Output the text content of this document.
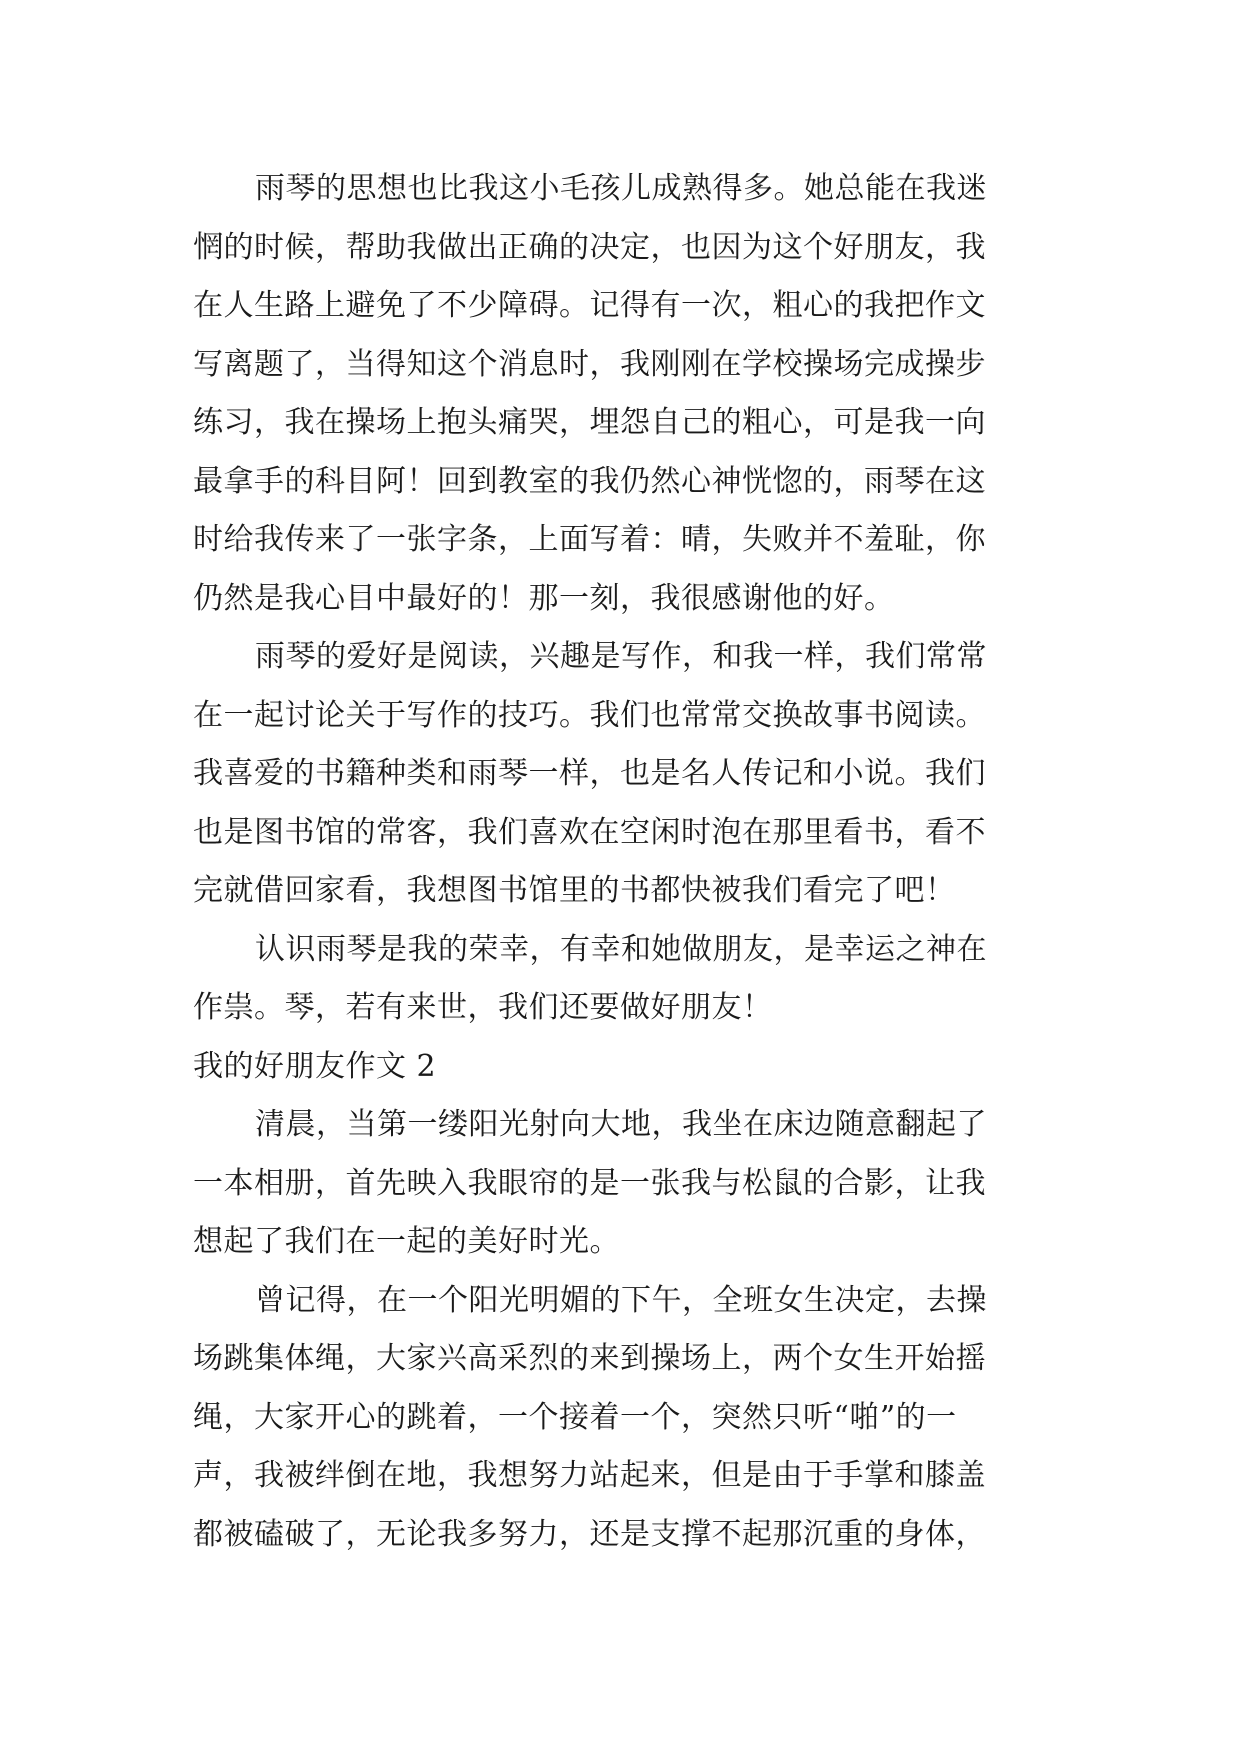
雨琴的思想也比我这小毛孩儿成熟得多。她总能在我迷
惘的时候，帮助我做出正确的决定，也因为这个好朋友，我
在人生路上避免了不少障碍。记得有一次，粗心的我把作文
写离题了，当得知这个消息时，我刚刚在学校操场完成操步
练习，我在操场上抱头痛哭，埋怨自己的粗心，可是我一向
最拿手的科目阿！回到教室的我仍然心神恍惚的，雨琴在这
时给我传来了一张字条，上面写着：晴，失败并不羞耻，你
仍然是我心目中最好的！那一刻，我很感谢他的好。
雨琴的爱好是阅读，兴趣是写作，和我一样，我们常常
在一起讨论关于写作的技巧。我们也常常交换故事书阅读。
我喜爱的书籍种类和雨琴一样，也是名人传记和小说。我们
也是图书馆的常客，我们喜欢在空闲时泡在那里看书，看不
完就借回家看，我想图书馆里的书都快被我们看完了吧！
认识雨琴是我的荣幸，有幸和她做朋友，是幸运之神在
作祟。琴，若有来世，我们还要做好朋友！
我的好朋友作文 2
清晨，当第一缕阳光射向大地，我坐在床边随意翻起了
一本相册，首先映入我眼帘的是一张我与松鼠的合影，让我
想起了我们在一起的美好时光。
曾记得，在一个阳光明媚的下午，全班女生决定，去操
场跳集体绳，大家兴高采烈的来到操场上，两个女生开始摇
绳，大家开心的跳着，一个接着一个，突然只听“啪”的一
声，我被绊倒在地，我想努力站起来，但是由于手掌和膝盖
都被磕破了，无论我多努力，还是支撑不起那沉重的身体，
